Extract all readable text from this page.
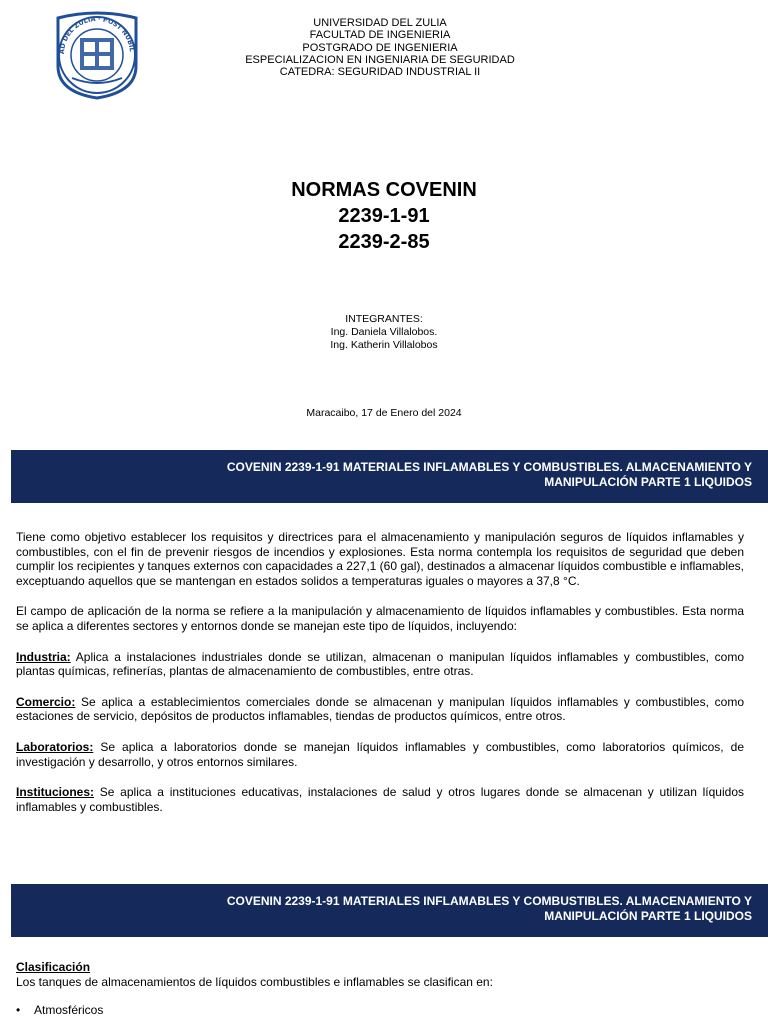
AD DEL ZULIA · POST NUBIL
UNIVERSIDAD DEL ZULIA
FACULTAD DE INGENIERIA
POSTGRADO DE INGENIERIA
ESPECIALIZACION EN INGENIARIA DE SEGURIDAD
CATEDRA: SEGURIDAD INDUSTRIAL II
NORMAS COVENIN
2239-1-91
2239-2-85
INTEGRANTES:
Ing. Daniela Villalobos.
Ing. Katherin Villalobos
Maracaibo, 17 de Enero del 2024
COVENIN 2239-1-91 MATERIALES INFLAMABLES Y COMBUSTIBLES. ALMACENAMIENTO Y
MANIPULACIÓN PARTE 1 LIQUIDOS

Tiene como objetivo establecer los requisitos y directrices para el almacenamiento y manipulación seguros de líquidos inflamables y combustibles, con el fin de prevenir riesgos de incendios y explosiones. Esta norma contempla los requisitos de seguridad que deben cumplir los recipientes y tanques externos con capacidades a 227,1 (60 gal), destinados a almacenar líquidos combustible e inflamables, exceptuando aquellos que se mantengan en estados solidos a temperaturas iguales o mayores a 37,8 °C.

El campo de aplicación de la norma se refiere a la manipulación y almacenamiento de líquidos inflamables y combustibles. Esta norma se aplica a diferentes sectores y entornos donde se manejan este tipo de líquidos, incluyendo:

Industria: Aplica a instalaciones industriales donde se utilizan, almacenan o manipulan líquidos inflamables y combustibles, como plantas químicas, refinerías, plantas de almacenamiento de combustibles, entre otras.

Comercio: Se aplica a establecimientos comerciales donde se almacenan y manipulan líquidos inflamables y combustibles, como estaciones de servicio, depósitos de productos inflamables, tiendas de productos químicos, entre otros.

Laboratorios: Se aplica a laboratorios donde se manejan líquidos inflamables y combustibles, como laboratorios químicos, de investigación y desarrollo, y otros entornos similares.

Instituciones: Se aplica a instituciones educativas, instalaciones de salud y otros lugares donde se almacenan y utilizan líquidos inflamables y combustibles.

COVENIN 2239-1-91 MATERIALES INFLAMABLES Y COMBUSTIBLES. ALMACENAMIENTO Y
MANIPULACIÓN PARTE 1 LIQUIDOS
Clasificación
Los tanques de almacenamientos de líquidos combustibles e inflamables se clasifican en:
• Atmosféricos
